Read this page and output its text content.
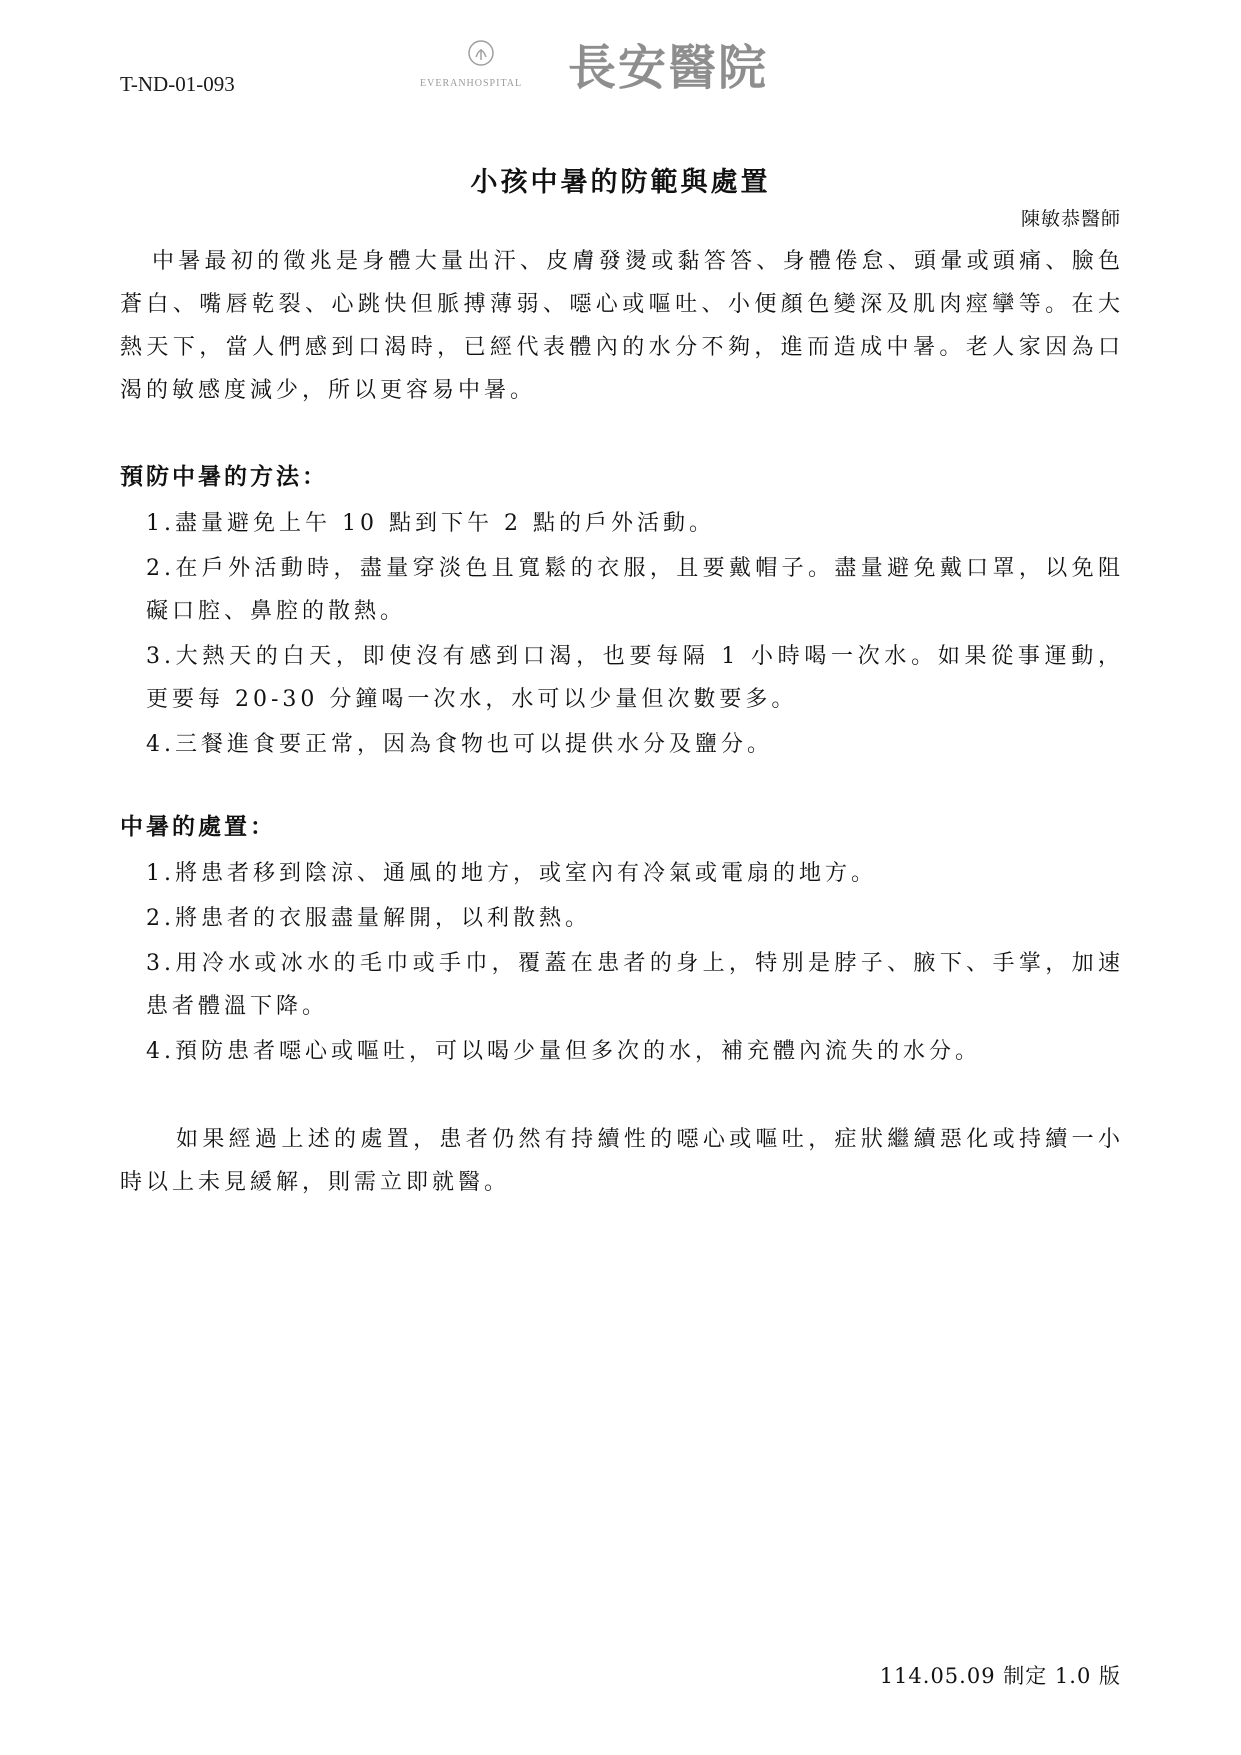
T-ND-01-093	EVERANHOSPITAL 長安醫院
小孩中暑的防範與處置
陳敏恭醫師

中暑最初的徵兆是身體大量出汗、皮膚發燙或黏答答、身體倦怠、頭暈或頭痛、臉色蒼白、嘴唇乾裂、心跳快但脈搏薄弱、噁心或嘔吐、小便顏色變深及肌肉痙攣等。在大熱天下，當人們感到口渴時，已經代表體內的水分不夠，進而造成中暑。老人家因為口渴的敏感度減少，所以更容易中暑。

預防中暑的方法：
1.盡量避免上午 10 點到下午 2 點的戶外活動。
2.在戶外活動時，盡量穿淡色且寬鬆的衣服，且要戴帽子。盡量避免戴口罩，以免阻礙口腔、鼻腔的散熱。
3.大熱天的白天，即使沒有感到口渴，也要每隔 1 小時喝一次水。如果從事運動，更要每 20-30 分鐘喝一次水，水可以少量但次數要多。
4.三餐進食要正常，因為食物也可以提供水分及鹽分。
中暑的處置：
1.將患者移到陰涼、通風的地方，或室內有冷氣或電扇的地方。
2.將患者的衣服盡量解開，以利散熱。
3.用冷水或冰水的毛巾或手巾，覆蓋在患者的身上，特別是脖子、腋下、手掌，加速患者體溫下降。
4.預防患者噁心或嘔吐，可以喝少量但多次的水，補充體內流失的水分。

如果經過上述的處置，患者仍然有持續性的噁心或嘔吐，症狀繼續惡化或持續一小時以上未見緩解，則需立即就醫。

114.05.09 制定 1.0 版
